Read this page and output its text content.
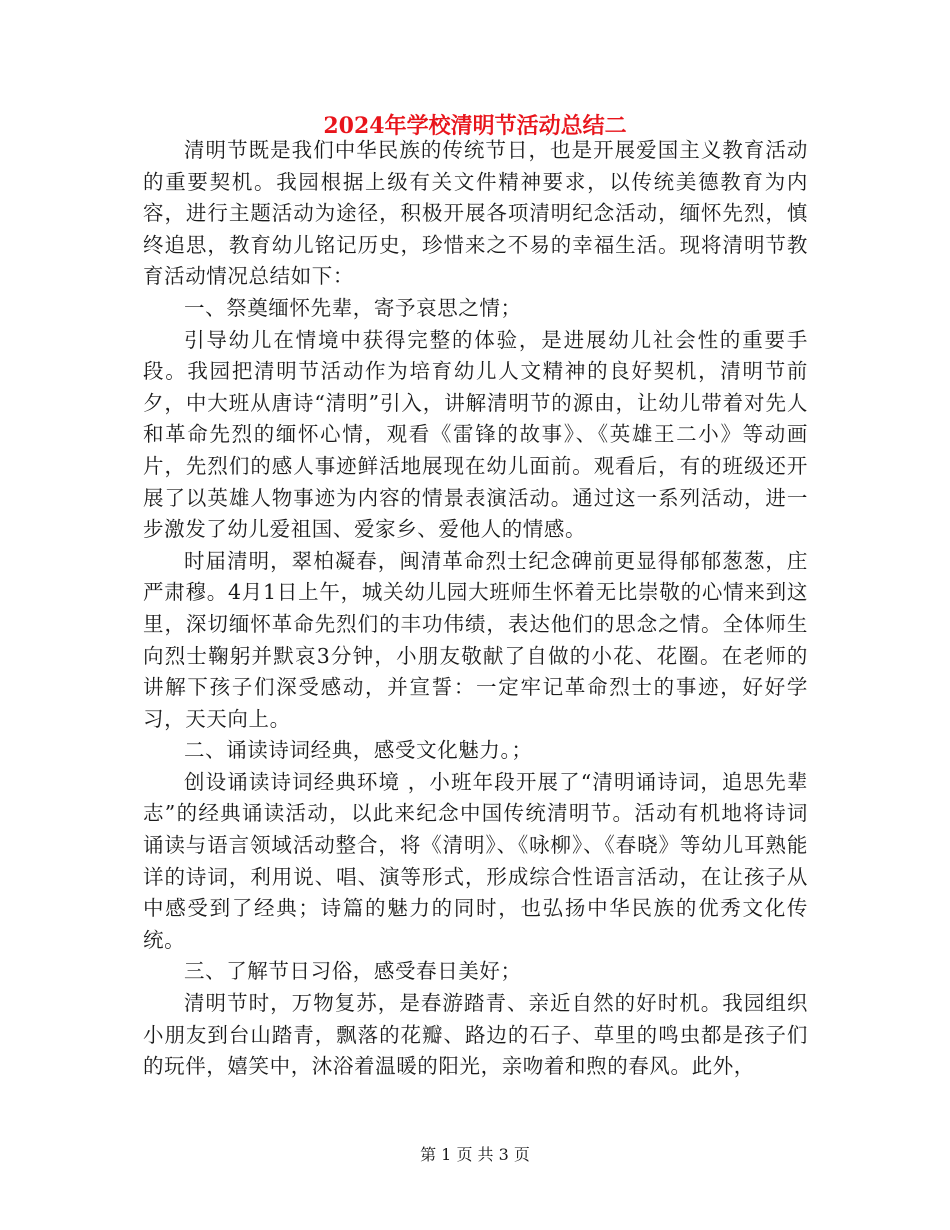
2024年学校清明节活动总结二

清明节既是我们中华民族的传统节日，也是开展爱国主义教育活动的重要契机。我园根据上级有关文件精神要求，以传统美德教育为内容，进行主题活动为途径，积极开展各项清明纪念活动，缅怀先烈，慎终追思，教育幼儿铭记历史，珍惜来之不易的幸福生活。现将清明节教育活动情况总结如下：

一、祭奠缅怀先辈，寄予哀思之情；

引导幼儿在情境中获得完整的体验，是进展幼儿社会性的重要手段。我园把清明节活动作为培育幼儿人文精神的良好契机，清明节前夕，中大班从唐诗“清明”引入，讲解清明节的源由，让幼儿带着对先人和革命先烈的缅怀心情，观看《雷锋的故事》、《英雄王二小》等动画片，先烈们的感人事迹鲜活地展现在幼儿面前。观看后，有的班级还开展了以英雄人物事迹为内容的情景表演活动。通过这一系列活动，进一步激发了幼儿爱祖国、爱家乡、爱他人的情感。

时届清明，翠柏凝春，闽清革命烈士纪念碑前更显得郁郁葱葱，庄严肃穆。4月1日上午，城关幼儿园大班师生怀着无比崇敬的心情来到这里，深切缅怀革命先烈们的丰功伟绩，表达他们的思念之情。全体师生向烈士鞠躬并默哀3分钟，小朋友敬献了自做的小花、花圈。在老师的讲解下孩子们深受感动，并宣誓：一定牢记革命烈士的事迹，好好学习，天天向上。

二、诵读诗词经典，感受文化魅力。；

创设诵读诗词经典环境 ，小班年段开展了“清明诵诗词，追思先辈志”的经典诵读活动，以此来纪念中国传统清明节。活动有机地将诗词诵读与语言领域活动整合，将《清明》、《咏柳》、《春晓》等幼儿耳熟能详的诗词，利用说、唱、演等形式，形成综合性语言活动，在让孩子从中感受到了经典；诗篇的魅力的同时，也弘扬中华民族的优秀文化传统。

三、了解节日习俗，感受春日美好；

清明节时，万物复苏，是春游踏青、亲近自然的好时机。我园组织小朋友到台山踏青，飘落的花瓣、路边的石子、草里的鸣虫都是孩子们的玩伴，嬉笑中，沐浴着温暖的阳光，亲吻着和煦的春风。此外，

第 1 页 共 3 页
